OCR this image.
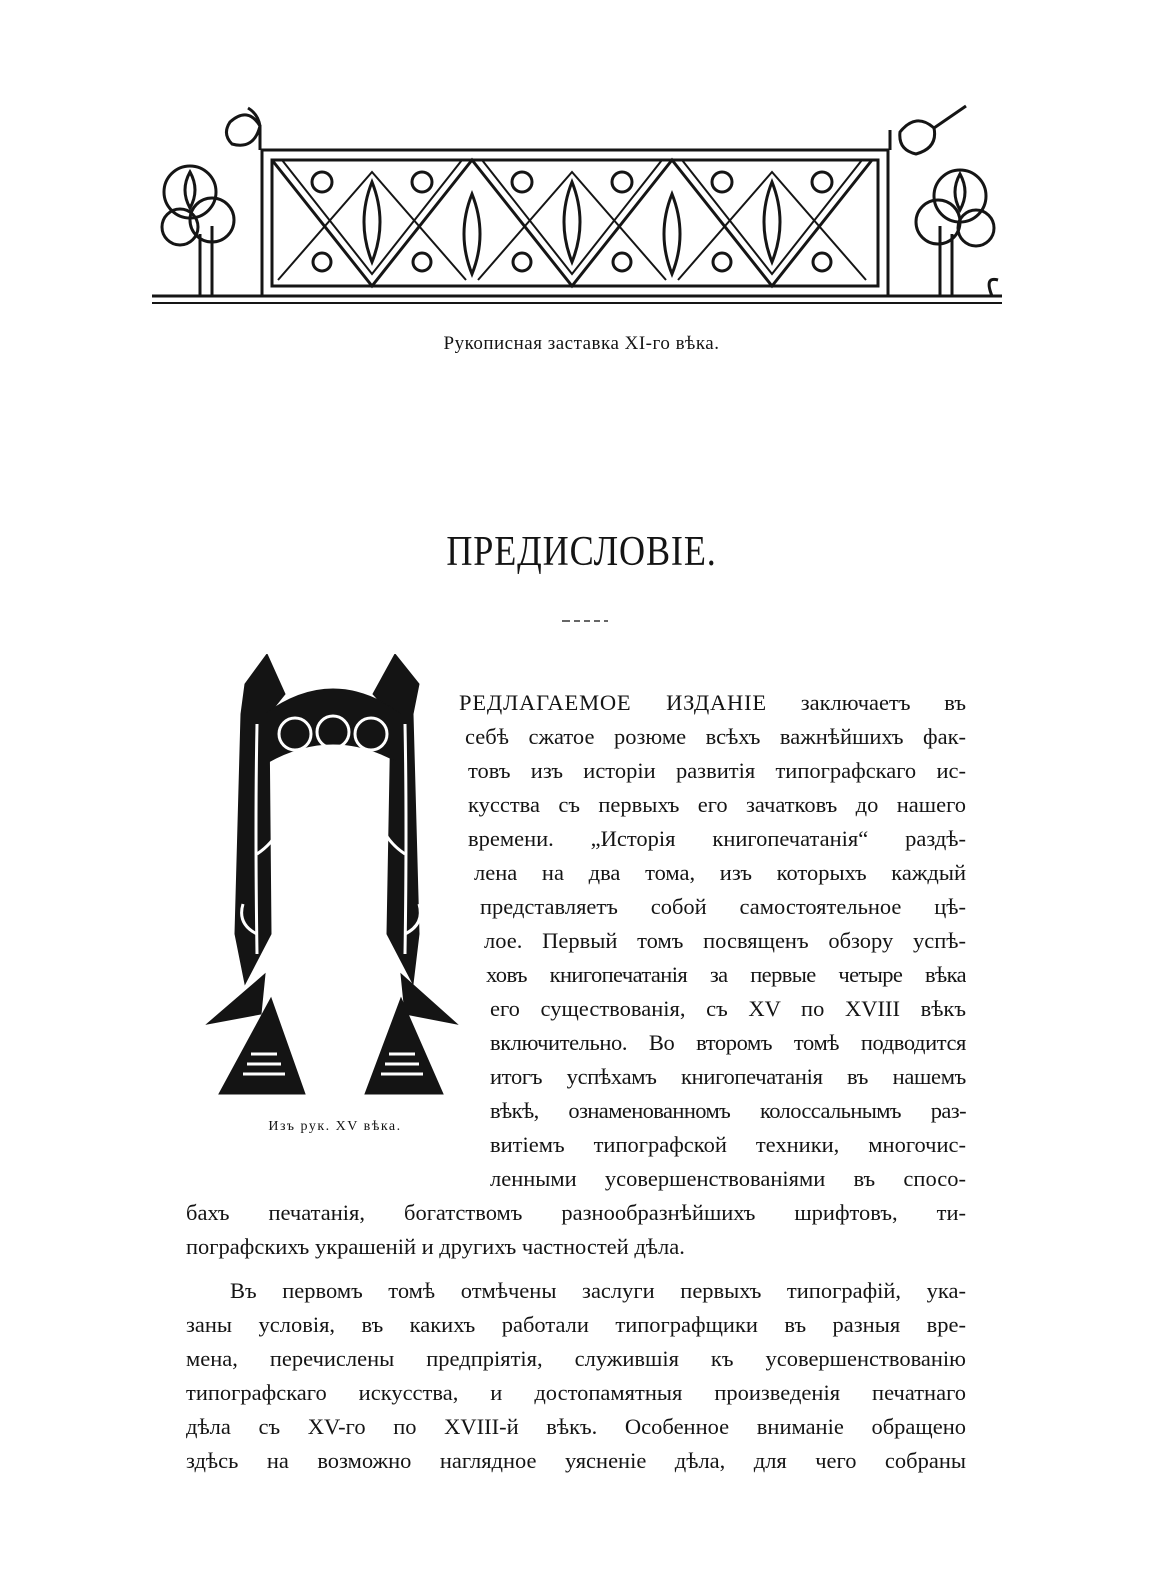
Рукописная заставка XI-го вѣка.
ПРЕДИСЛОВІЕ.
Изъ рук. XV вѣка.
РЕДЛАГАЕМОЕ ИЗДАНІЕ заключаетъ въ
себѣ сжатое розюме всѣхъ важнѣйшихъ фак-
товъ изъ исторіи развитія типографскаго ис-
кусства съ первыхъ его зачатковъ до нашего
времени. „Исторія книгопечатанія“ раздѣ-
лена на два тома, изъ которыхъ каждый
представляетъ собой самостоятельное цѣ-
лое. Первый томъ посвященъ обзору успѣ-
ховъ книгопечатанія за первые четыре вѣка
его существованія, съ XV по XVIII вѣкъ
включительно. Во второмъ томѣ подводится
итогъ успѣхамъ книгопечатанія въ нашемъ
вѣкѣ, ознаменованномъ колоссальнымъ раз-
витіемъ типографской техники, многочис-
ленными усовершенствованіями въ спосо-
бахъ печатанія, богатствомъ разнообразнѣйшихъ шрифтовъ, ти-
пографскихъ украшеній и другихъ частностей дѣла.
Въ первомъ томѣ отмѣчены заслуги первыхъ типографій, ука-
заны условія, въ какихъ работали типографщики въ разныя вре-
мена, перечислены предпріятія, служившія къ усовершенствованію
типографскаго искусства, и достопамятныя произведенія печатнаго
дѣла съ XV-го по XVIII-й вѣкъ. Особенное вниманіе обращено
здѣсь на возможно наглядное уясненіе дѣла, для чего собраны
